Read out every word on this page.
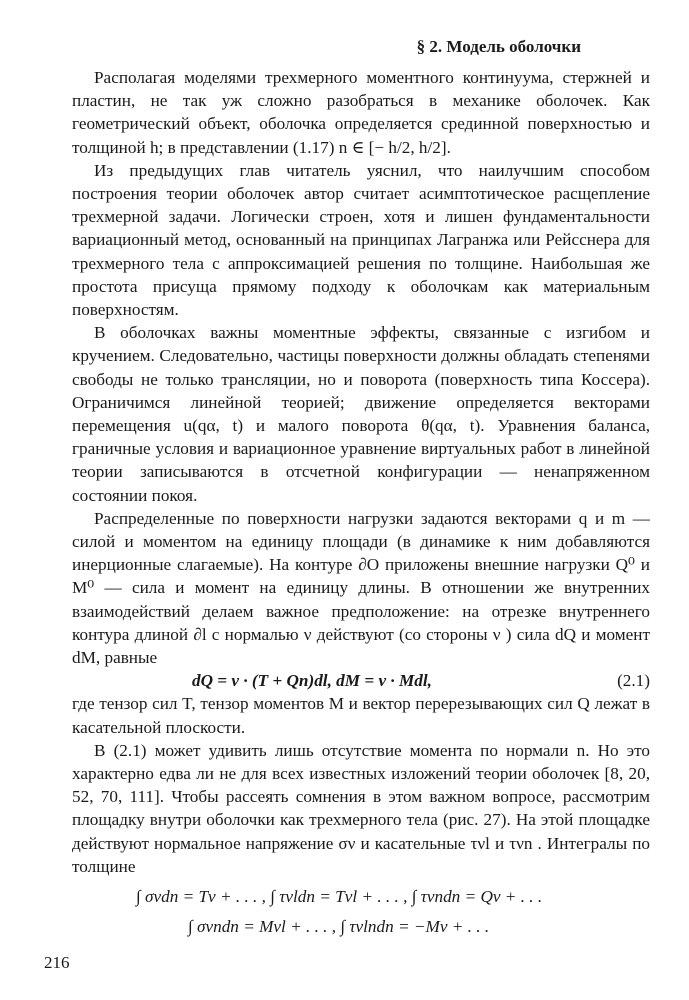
§ 2. Модель оболочки

Располагая моделями трехмерного моментного континуума, стержней и пластин, не так уж сложно разобраться в механике оболочек. Как геометрический объект, оболочка определяется срединной поверхностью и толщиной h; в представлении (1.17) n ∈ [− h/2, h/2].

Из предыдущих глав читатель уяснил, что наилучшим способом построения теории оболочек автор считает асимптотическое расщепление трехмерной задачи. Логически строен, хотя и лишен фундаментальности вариационный метод, основанный на принципах Лагранжа или Рейсснера для трехмерного тела с аппроксимацией решения по толщине. Наибольшая же простота присуща прямому подходу к оболочкам как материальным поверхностям.

В оболочках важны моментные эффекты, связанные с изгибом и кручением. Следовательно, частицы поверхности должны обладать степенями свободы не только трансляции, но и поворота (поверхность типа Коссера). Ограничимся линейной теорией; движение определяется векторами перемещения u(qα, t) и малого поворота θ(qα, t). Уравнения баланса, граничные условия и вариационное уравнение виртуальных работ в линейной теории записываются в отсчетной конфигурации — ненапряженном состоянии покоя.

Распределенные по поверхности нагрузки задаются векторами q и m — силой и моментом на единицу площади (в динамике к ним добавляются инерционные слагаемые). На контуре ∂O приложены внешние нагрузки Q⁰ и M⁰ — сила и момент на единицу длины. В отношении же внутренних взаимодействий делаем важное предположение: на отрезке внутреннего контура длиной ∂l с нормалью ν действуют (со стороны ν ) сила dQ и момент dM, равные

dQ = ν · (T + Qn)dl, dM = ν · Mdl,	(2.1)

где тензор сил T, тензор моментов M и вектор перерезывающих сил Q лежат в касательной плоскости.

В (2.1) может удивить лишь отсутствие момента по нормали n. Но это характерно едва ли не для всех известных изложений теории оболочек [8, 20, 52, 70, 111]. Чтобы рассеять сомнения в этом важном вопросе, рассмотрим площадку внутри оболочки как трехмерного тела (рис. 27). На этой площадке действуют нормальное напряжение σν и касательные τνl и τνn . Интегралы по толщине

∫ σνdn = Tν + . . . , ∫ τνldn = Tνl + . . . , ∫ τνndn = Qν + . . .
∫ σνndn = Mνl + . . . , ∫ τνlndn = −Mν + . . .
216
